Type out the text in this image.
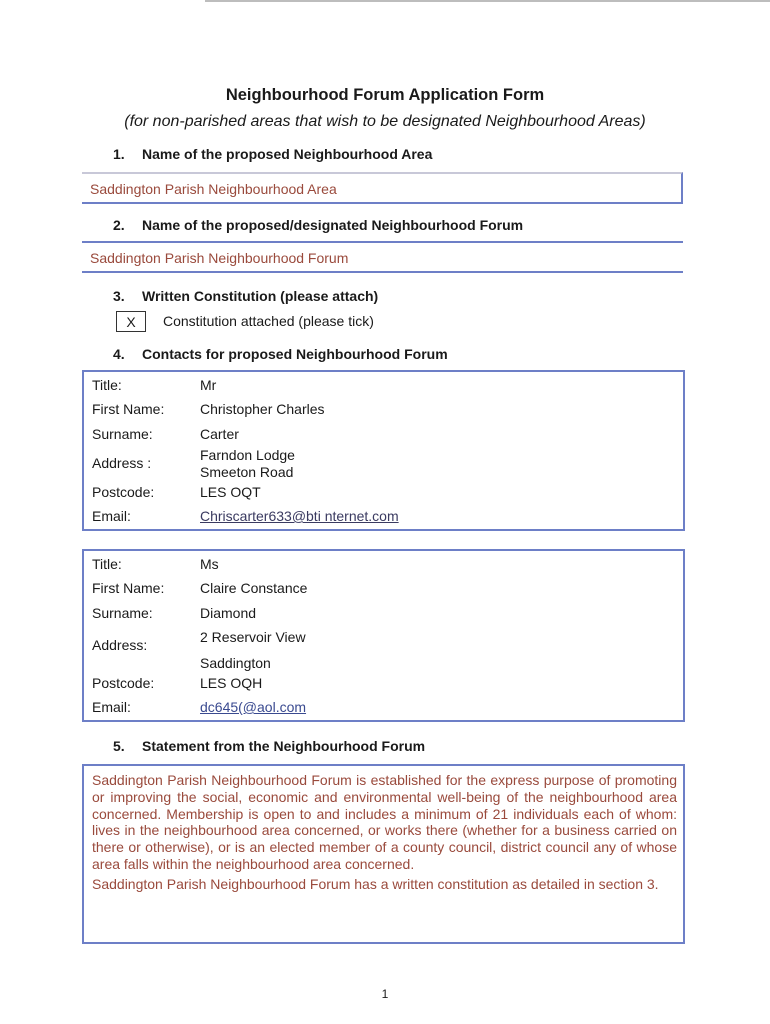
Neighbourhood Forum Application Form
(for non-parished areas that wish to be designated Neighbourhood Areas)
1. Name of the proposed Neighbourhood Area
Saddington Parish Neighbourhood Area
2. Name of the proposed/designated Neighbourhood Forum
Saddington Parish Neighbourhood Forum
3. Written Constitution (please attach)
X	Constitution attached (please tick)
4. Contacts for proposed Neighbourhood Forum
Title:	Mr
First Name:	Christopher Charles
Surname:	Carter
Address :	Farndon Lodge
Smeeton Road
Postcode:	LES OQT
Email:	Chriscarter633@bti nternet.com
Title:	Ms
First Name:	Claire Constance
Surname:	Diamond
Address:	2 Reservoir View
Saddington
Postcode:	LES OQH
Email:	dc645(@aol.com
5. Statement from the Neighbourhood Forum

Saddington Parish Neighbourhood Forum is established for the express purpose of promoting or improving the social, economic and environmental well-being of the neighbourhood area concerned. Membership is open to and includes a minimum of 21 individuals each of whom: lives in the neighbourhood area concerned, or works there (whether for a business carried on there or otherwise), or is an elected member of a county council, district council any of whose area falls within the neighbourhood area concerned.

Saddington Parish Neighbourhood Forum has a written constitution as detailed in section 3.

1
